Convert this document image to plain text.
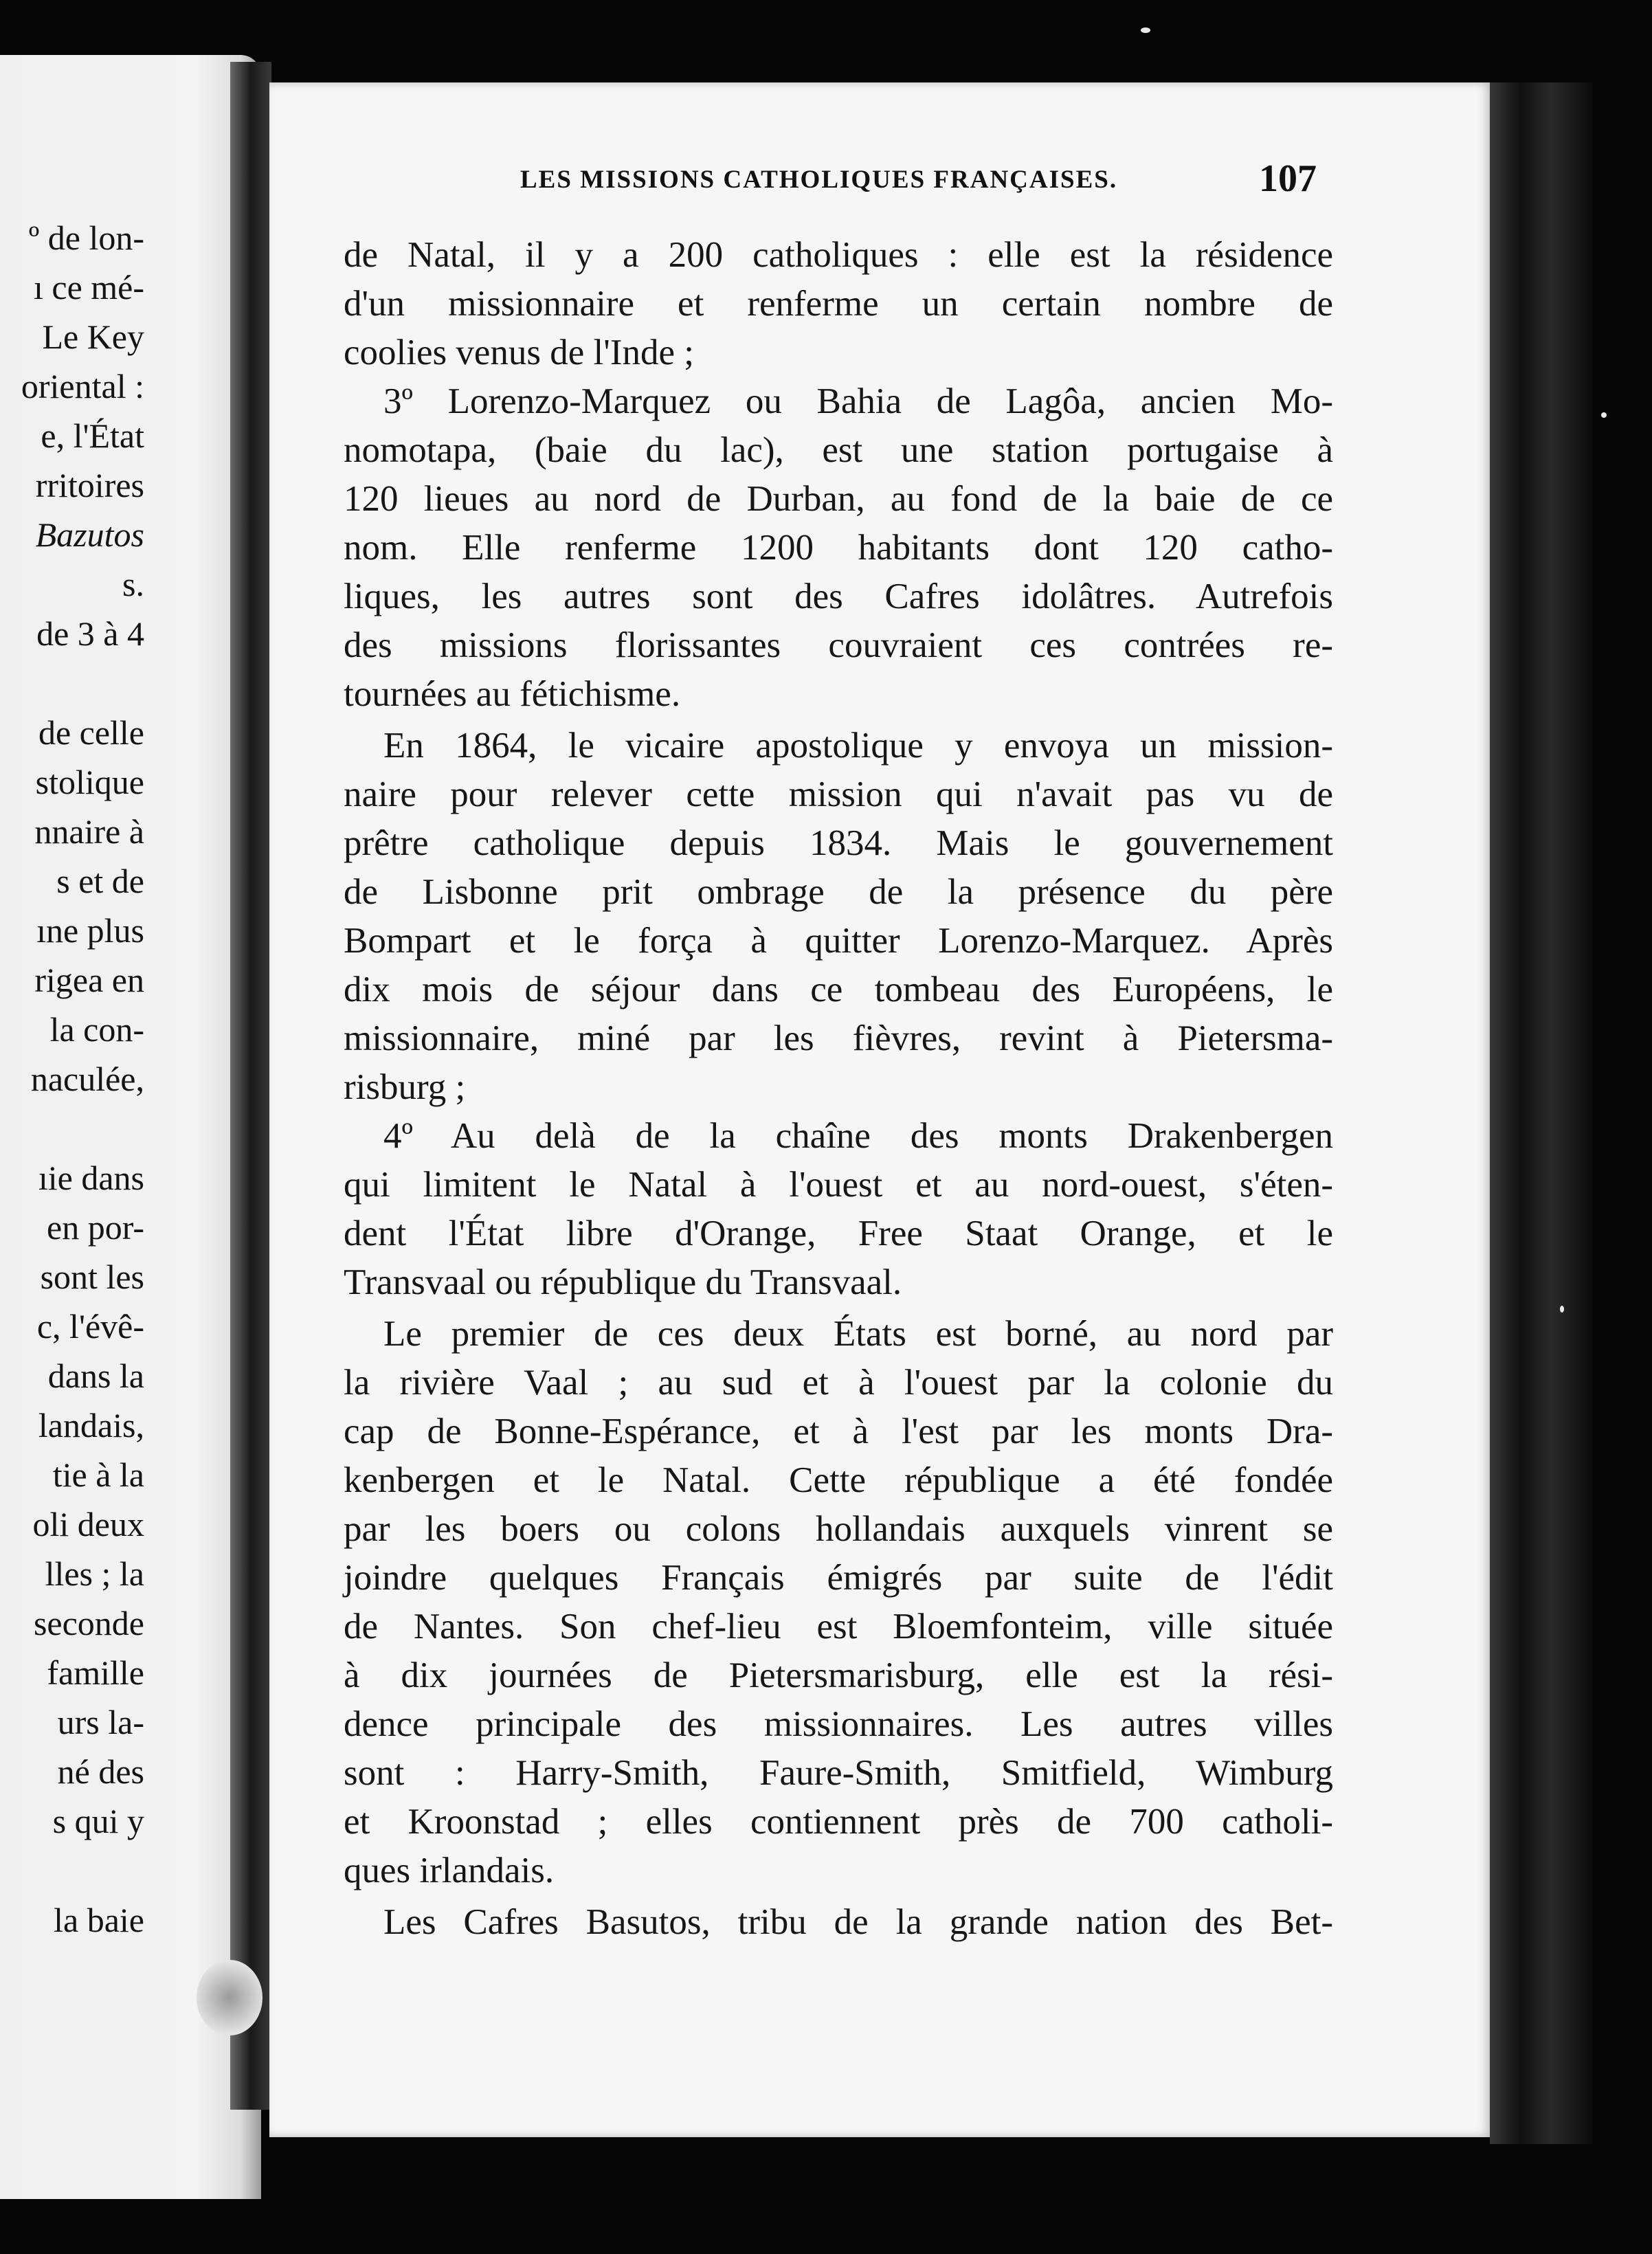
º de lon-
ı ce mé-
Le Key
oriental :
e, l'État
rritoires
Bazutos
s.
de 3 à 4
de celle
stolique
nnaire à
s et de
ıne plus
rigea en
la con-
naculée,
ıie dans
en por-
sont les
c, l'évê-
dans la
landais,
tie à la
oli deux
lles ; la
seconde
famille
urs la-
né des
s qui y
la baie
LES MISSIONS CATHOLIQUES FRANÇAISES.	107
de Natal, il y a 200 catholiques : elle est la résidence
d'un missionnaire et renferme un certain nombre de
coolies venus de l'Inde ;
3º Lorenzo-Marquez ou Bahia de Lagôa, ancien Mo-
nomotapa, (baie du lac), est une station portugaise à
120 lieues au nord de Durban, au fond de la baie de ce
nom. Elle renferme 1200 habitants dont 120 catho-
liques, les autres sont des Cafres idolâtres. Autrefois
des missions florissantes couvraient ces contrées re-
tournées au fétichisme.
En 1864, le vicaire apostolique y envoya un mission-
naire pour relever cette mission qui n'avait pas vu de
prêtre catholique depuis 1834. Mais le gouvernement
de Lisbonne prit ombrage de la présence du père
Bompart et le força à quitter Lorenzo-Marquez. Après
dix mois de séjour dans ce tombeau des Européens, le
missionnaire, miné par les fièvres, revint à Pietersma-
risburg ;
4º Au delà de la chaîne des monts Drakenbergen
qui limitent le Natal à l'ouest et au nord-ouest, s'éten-
dent l'État libre d'Orange, Free Staat Orange, et le
Transvaal ou république du Transvaal.
Le premier de ces deux États est borné, au nord par
la rivière Vaal ; au sud et à l'ouest par la colonie du
cap de Bonne-Espérance, et à l'est par les monts Dra-
kenbergen et le Natal. Cette république a été fondée
par les boers ou colons hollandais auxquels vinrent se
joindre quelques Français émigrés par suite de l'édit
de Nantes. Son chef-lieu est Bloemfonteim, ville située
à dix journées de Pietersmarisburg, elle est la rési-
dence principale des missionnaires. Les autres villes
sont : Harry-Smith, Faure-Smith, Smitfield, Wimburg
et Kroonstad ; elles contiennent près de 700 catholi-
ques irlandais.
Les Cafres Basutos, tribu de la grande nation des Bet-
